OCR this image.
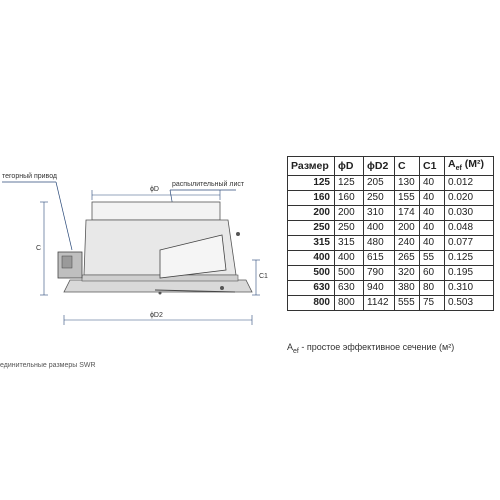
тегорный привод
распылительный лист
ϕD
ϕD2
C
C1
единительные размеры SWR
Размер	ϕD	ϕD2	C	C1	$A_{ef}$ (M²)
125	125	205	130	40	0.012
160	160	250	155	40	0.020
200	200	310	174	40	0.030
250	250	400	200	40	0.048
315	315	480	240	40	0.077
400	400	615	265	55	0.125
500	500	790	320	60	0.195
630	630	940	380	80	0.310
800	800	1142	555	75	0.503
$A_{ef}$ - простое эффективное сечение (м²)
